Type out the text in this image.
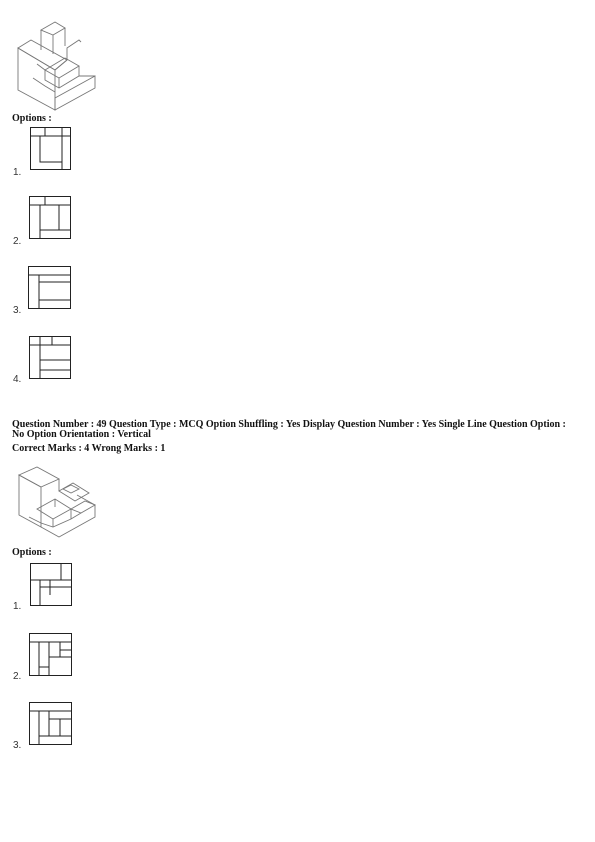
Options :
1.
2.
3.
4.
Question Number : 49 Question Type : MCQ Option Shuffling : Yes Display Question Number : Yes Single Line Question Option :
No Option Orientation : Vertical
Correct Marks : 4 Wrong Marks : 1
Options :
1.
2.
3.
